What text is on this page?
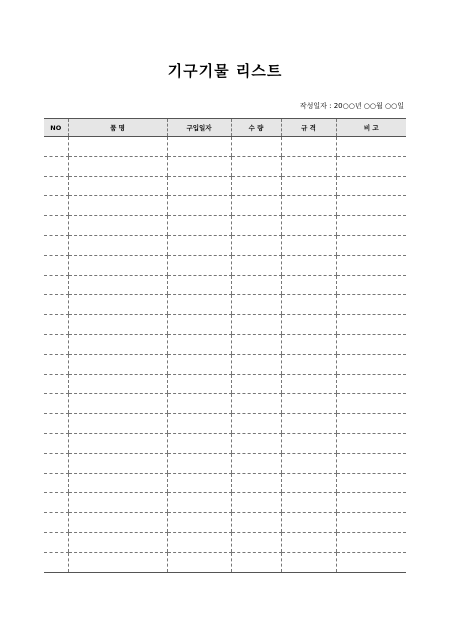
기구기물 리스트
작성일자 : 20○○년 ○○월 ○○일
NO	품 명	구입일자	수 량	규 격	비 고
